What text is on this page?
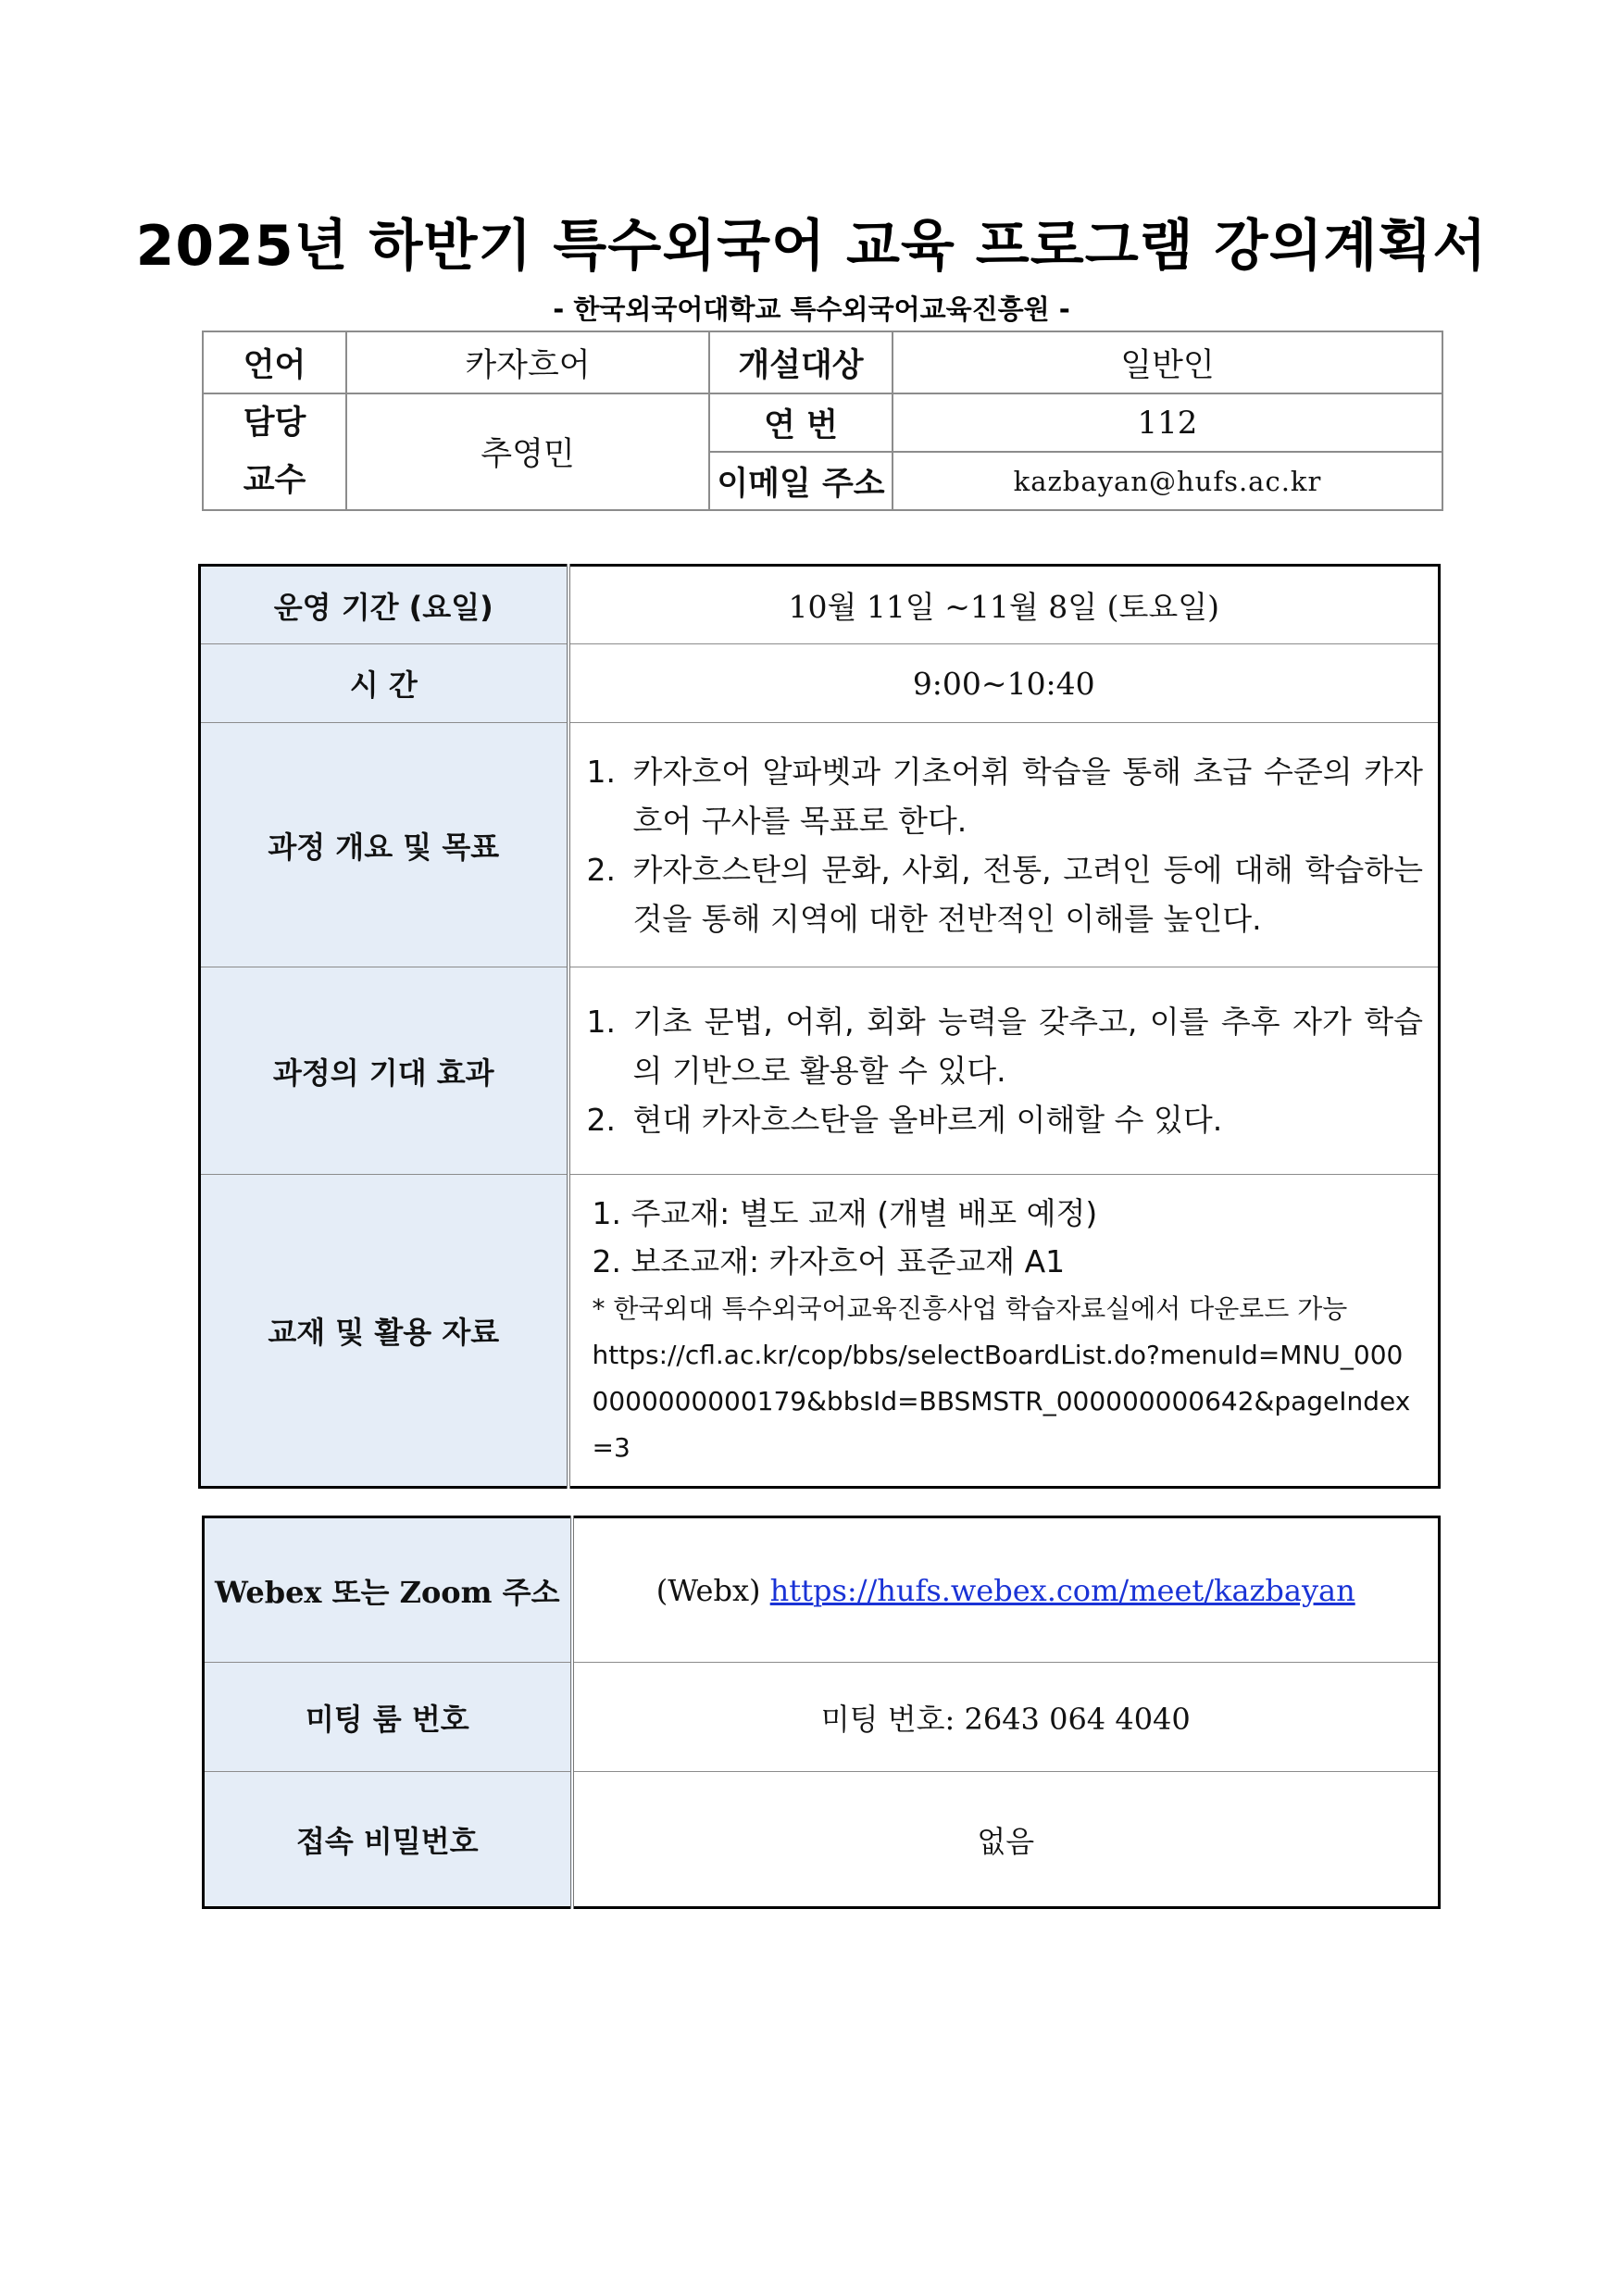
2025년 하반기 특수외국어 교육 프로그램 강의계획서
- 한국외국어대학교 특수외국어교육진흥원 -
언어	카자흐어	개설대상	일반인

담당
교수	추영민	연 번	112
		이메일 주소	kazbayan@hufs.ac.kr
운영 기간 (요일)	10월 11일 ~11월 8일 (토요일)
시 간	9:00~10:40
과정 개요 및 목표	1. 카자흐어 알파벳과 기초어휘 학습을 통해 초급 수준의 카자흐어 구사를 목표로 한다.
2. 카자흐스탄의 문화, 사회, 전통, 고려인 등에 대해 학습하는 것을 통해 지역에 대한 전반적인 이해를 높인다.

과정의 기대 효과	1. 기초 문법, 어휘, 회화 능력을 갖추고, 이를 추후 자가 학습의 기반으로 활용할 수 있다.
2. 현대 카자흐스탄을 올바르게 이해할 수 있다.

교재 및 활용 자료	1. 주교재: 별도 교재 (개별 배포 예정)
2. 보조교재: 카자흐어 표준교재 A1
* 한국외대 특수외국어교육진흥사업 학습자료실에서 다운로드 가능
https://cfl.ac.kr/cop/bbs/selectBoardList.do?menuId=MNU_0000000000000179&bbsId=BBSMSTR_000000000642&pageIndex=3
Webex 또는 Zoom 주소	(Webx) https://hufs.webex.com/meet/kazbayan
미팅 룸 번호	미팅 번호: 2643 064 4040
접속 비밀번호	없음
